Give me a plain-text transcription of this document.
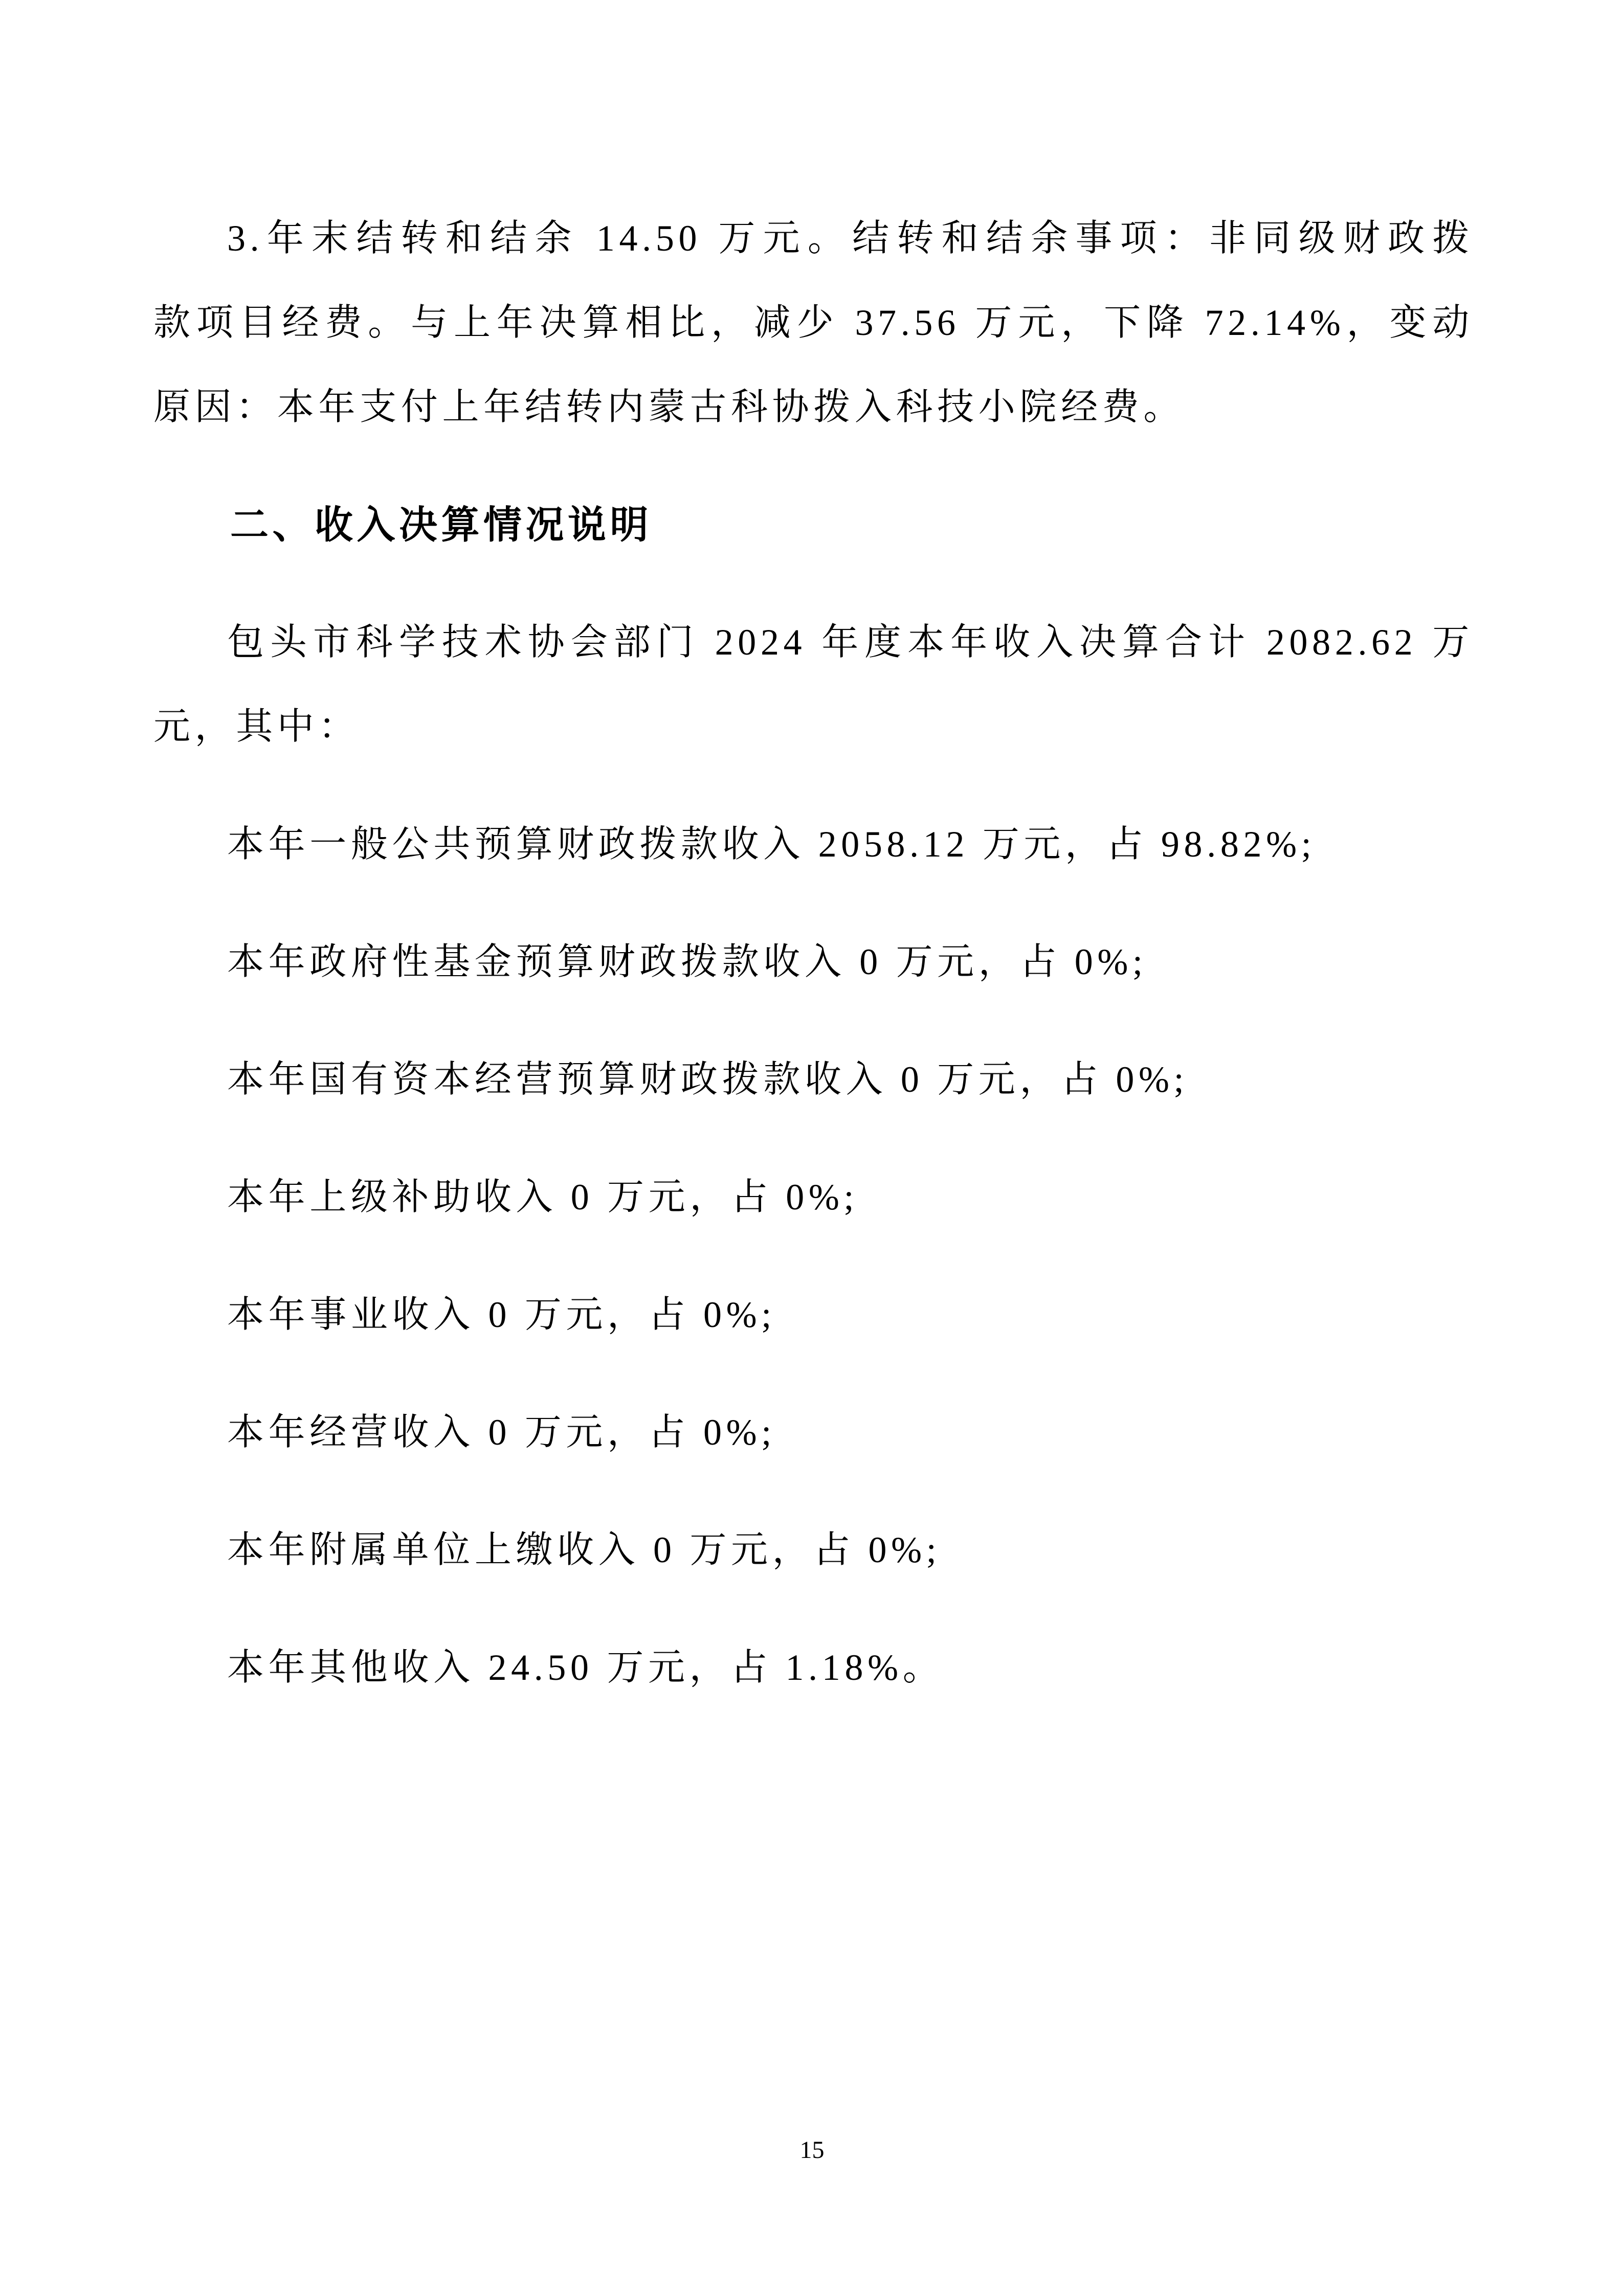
3.年末结转和结余 14.50 万元。结转和结余事项：非同级财政拨
款项目经费。与上年决算相比，减少 37.56 万元，下降 72.14%，变动
原因：本年支付上年结转内蒙古科协拨入科技小院经费。
二、收入决算情况说明
包头市科学技术协会部门 2024 年度本年收入决算合计 2082.62 万
元，其中：
本年一般公共预算财政拨款收入 2058.12 万元，占 98.82%;
本年政府性基金预算财政拨款收入 0 万元，占 0%;
本年国有资本经营预算财政拨款收入 0 万元，占 0%;
本年上级补助收入 0 万元，占 0%;
本年事业收入 0 万元，占 0%;
本年经营收入 0 万元，占 0%;
本年附属单位上缴收入 0 万元，占 0%;
本年其他收入 24.50 万元，占 1.18%。
15
